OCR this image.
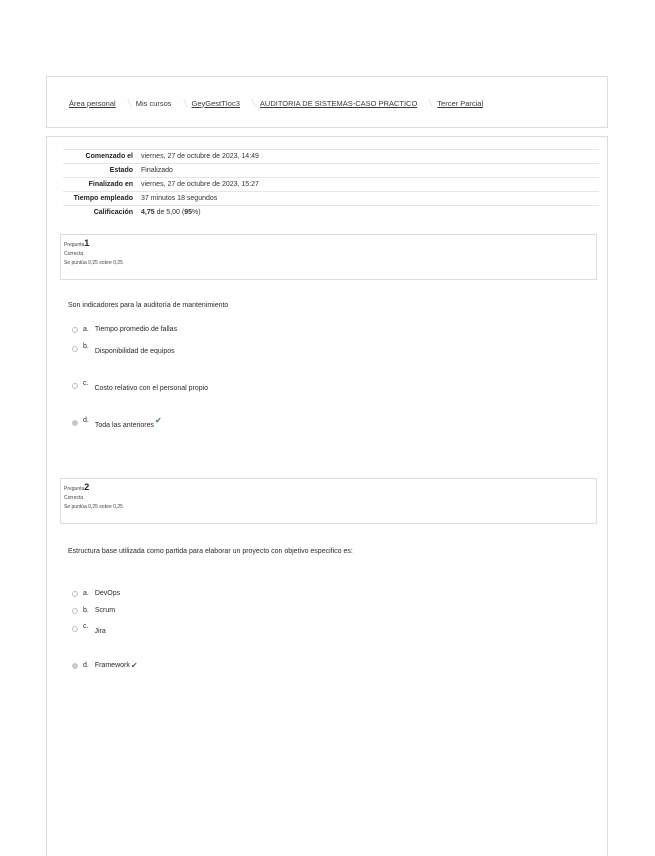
Área personal	Mis cursos	GeyGestTIoc3	AUDITORIA DE SISTEMAS-CASO PRACTICO	Tercer Parcial
Comenzado el	viernes, 27 de octubre de 2023, 14:49
Estado	Finalizado
Finalizado en	viernes, 27 de octubre de 2023, 15:27
Tiempo empleado	37 minutos 18 segundos
Calificación	4,75 de 5,00 (95%)
Pregunta1
Correcta
Se puntúa 0,25 sobre 0,25
Son indicadores para la auditoría de mantenimiento
a. Tiempo promedio de fallas
b.
Disponibilidad de equipos
c.
Costo relativo con el personal propio
d.
Toda las anteriores
✔
Pregunta2
Correcta
Se puntúa 0,25 sobre 0,25
Estructura base utilizada como partida para elaborar un proyecto con objetivo especifico es:
a. DevOps
b. Scrum
c.
Jira
d. Framework ✔
